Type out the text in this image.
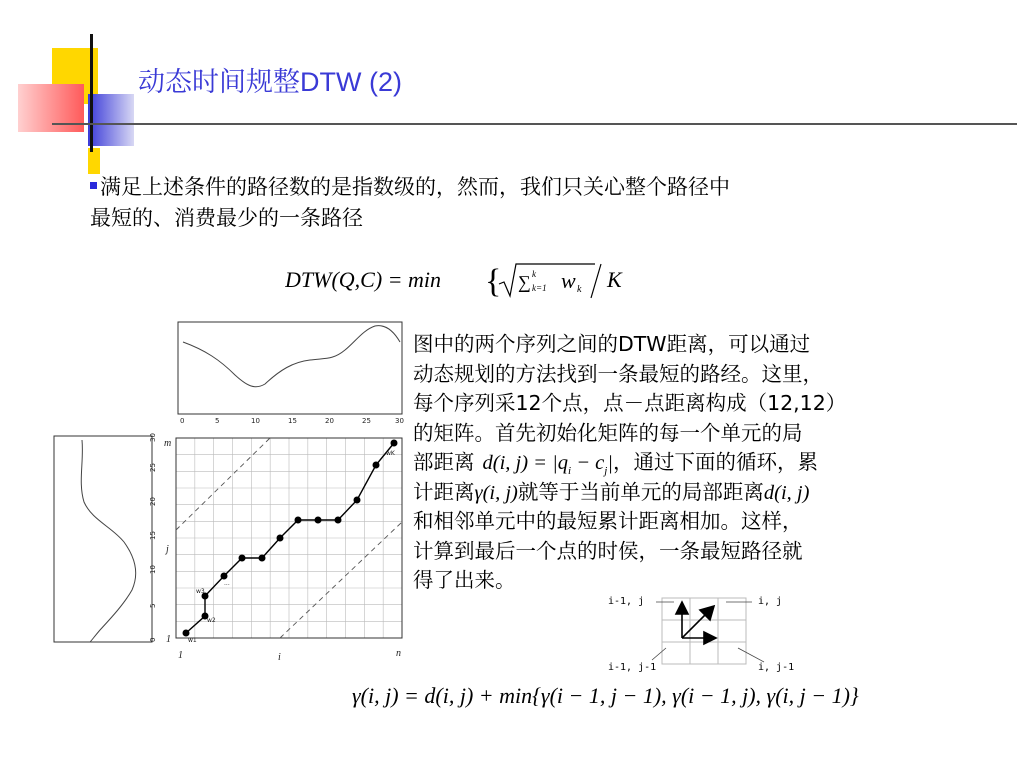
动态时间规整DTW (2)
满足上述条件的路径数的是指数级的，然而，我们只关心整个路径中
最短的、消费最少的一条路径
DTW(Q,C) = min { ∑ k
k=1 w k K
0	5	10	15	20	25	30
0
5
10
15
20
25
30
w1
w2
w3
wK
...
m
n
j
i
1
1
图中的两个序列之间的DTW距离，可以通过
动态规划的方法找到一条最短的路经。这里，
每个序列采12个点，点－点距离构成（12,12）
的矩阵。首先初始化矩阵的每一个单元的局
部距离 d(i, $j) = |q_i - c_j|$，通过下面的循环，累
计距离γ(i, j)就等于当前单元的局部距离d(i, j)
和相邻单元中的最短累计距离相加。这样，
计算到最后一个点的时侯，一条最短路径就
得了出来。
i-1, j	i, j
i-1, j-1	i, j-1
γ(i, j) = d(i, j) + min{γ(i − 1, j − 1), γ(i − 1, j), γ(i, j − 1)}
